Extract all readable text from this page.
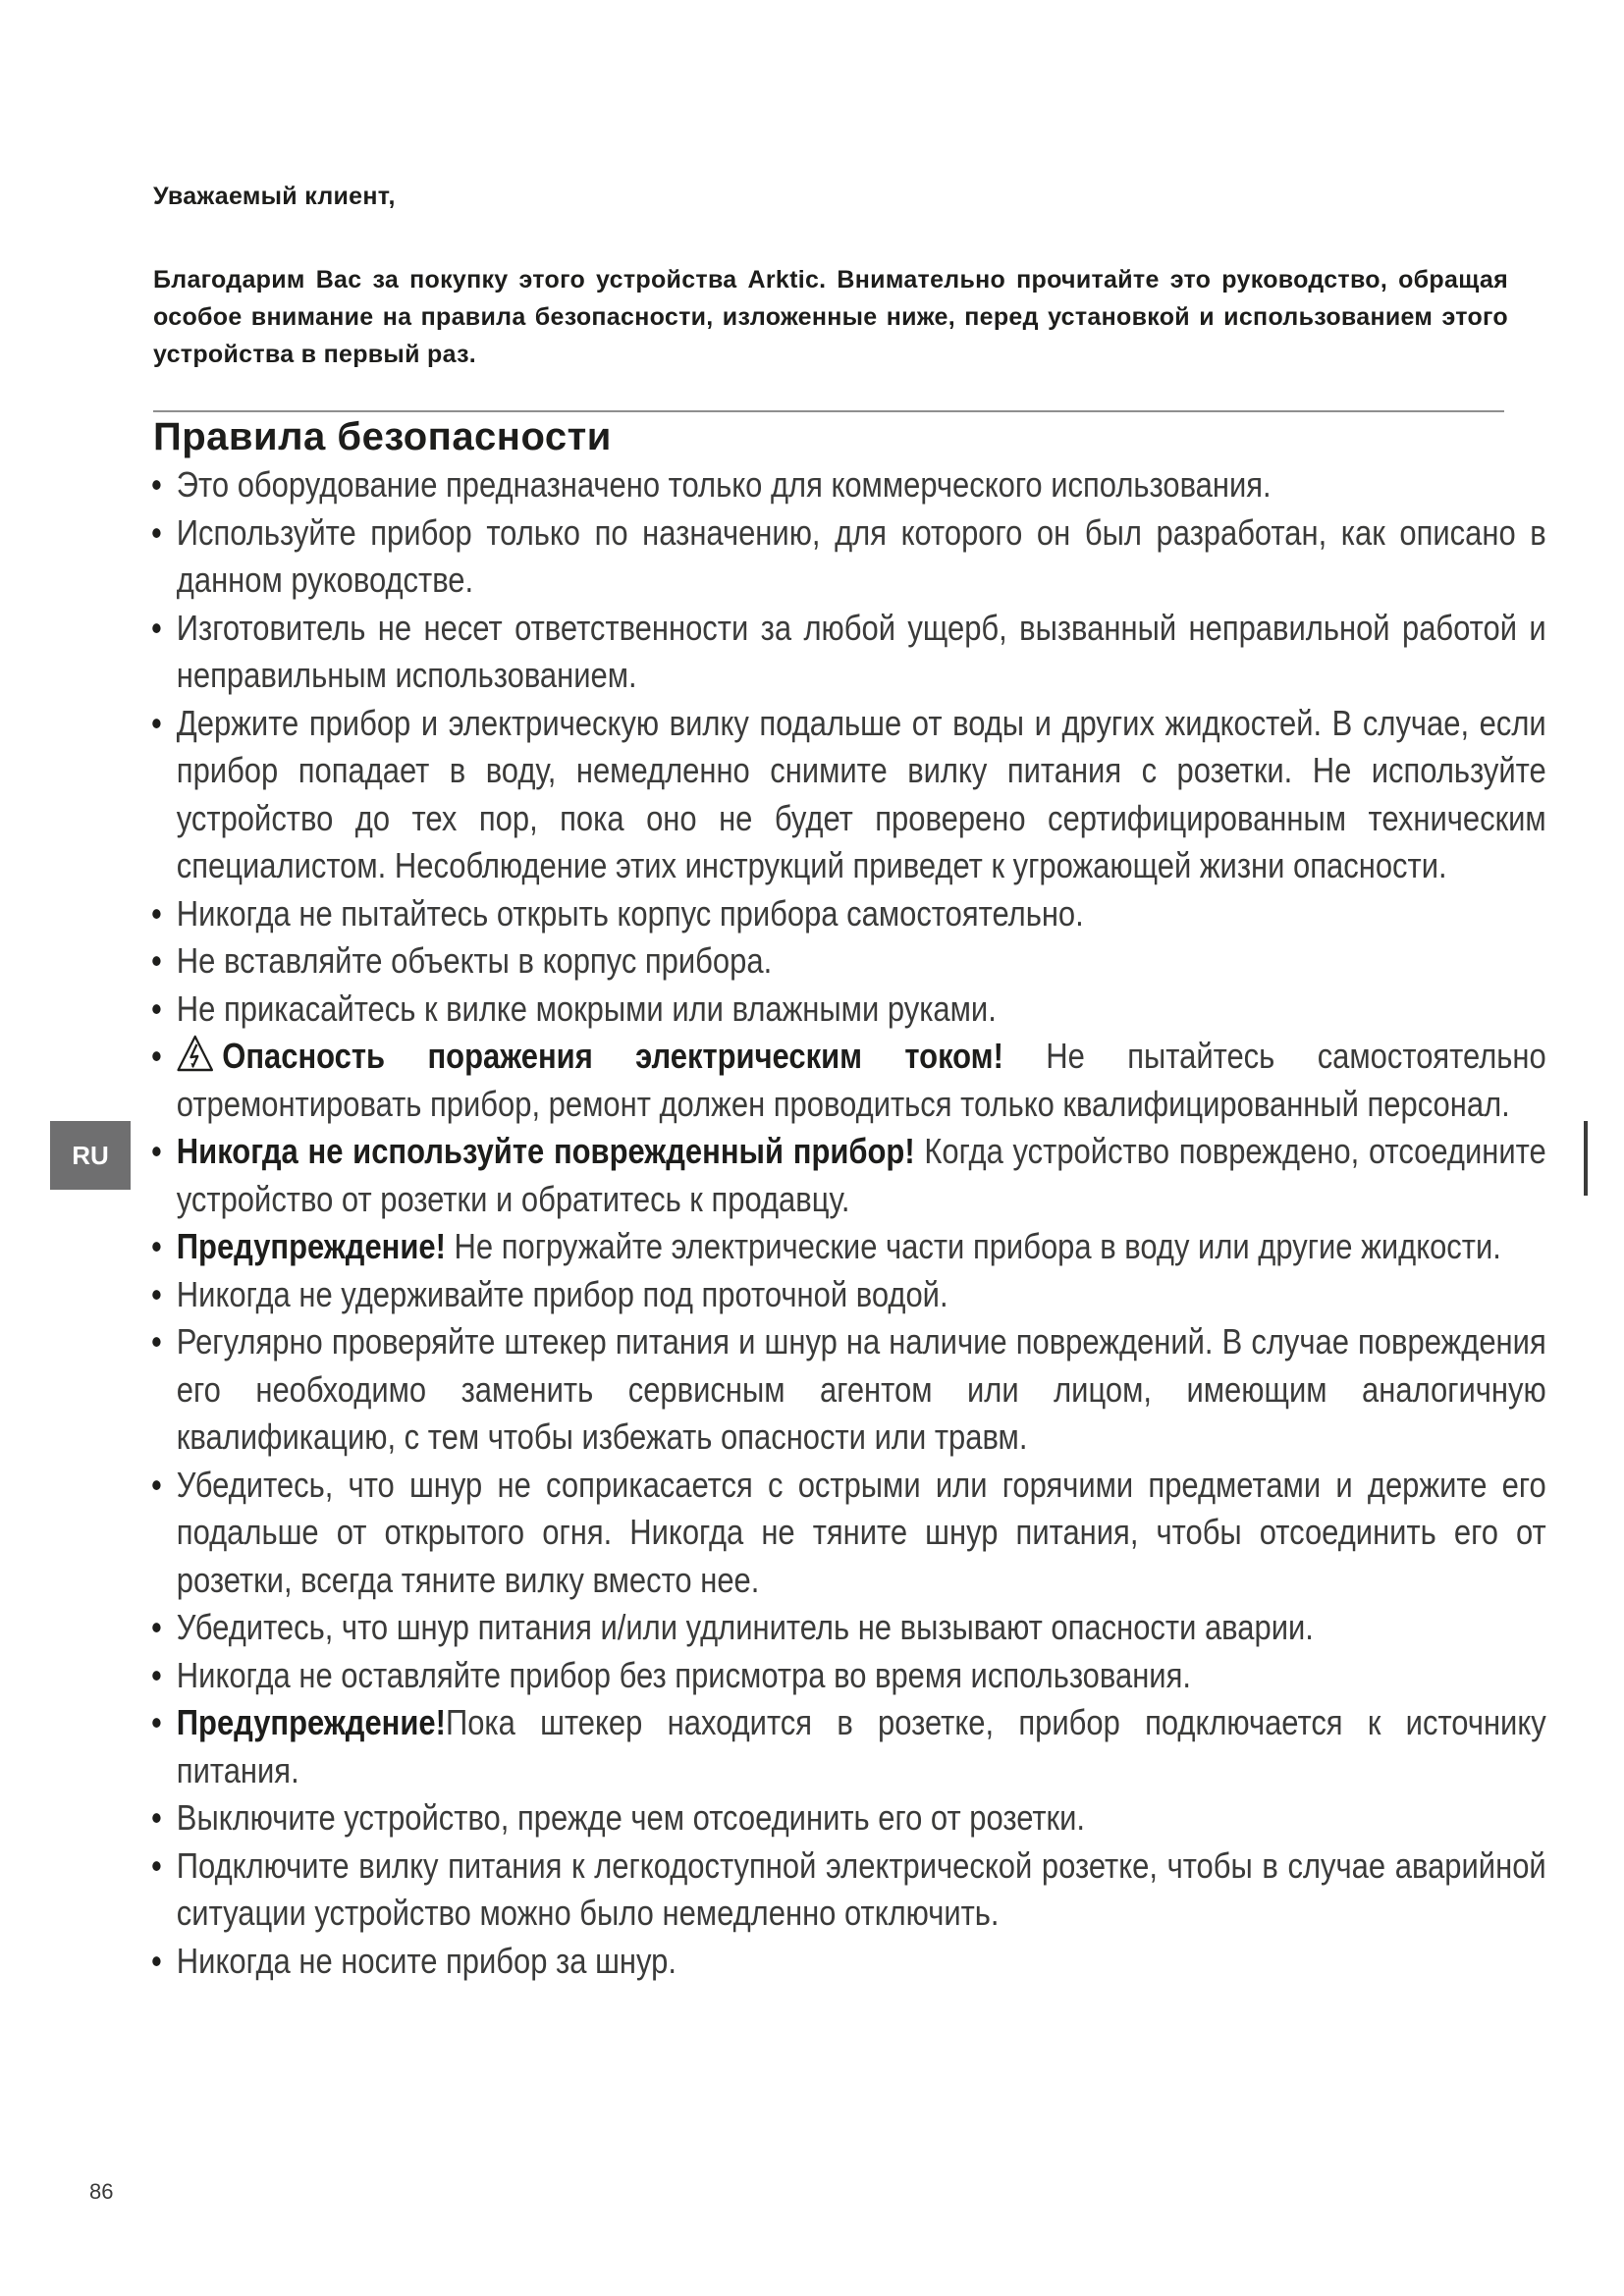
Уважаемый клиент,
Благодарим Вас за покупку этого устройства Arktic. Внимательно прочитайте это руководство, обращая особое внимание на правила безопасности, изложенные ниже, перед установкой и использованием этого устройства в первый раз.
Правила безопасности
• Это оборудование предназначено только для коммерческого использования.
• Используйте прибор только по назначению, для которого он был разработан, как описано в данном руководстве.
• Изготовитель не несет ответственности за любой ущерб, вызванный неправильной работой и неправильным использованием.
• Держите прибор и электрическую вилку подальше от воды и других жидкостей. В случае, если прибор попадает в воду, немедленно снимите вилку питания с розетки. Не используйте устройство до тех пор, пока оно не будет проверено сертифицированным техническим специалистом. Несоблюдение этих инструкций приведет к угрожающей жизни опасности.
• Никогда не пытайтесь открыть корпус прибора самостоятельно.
• Не вставляйте объекты в корпус прибора.
• Не прикасайтесь к вилке мокрыми или влажными руками.
• Опасность поражения электрическим током! Не пытайтесь самостоятельно отремонтировать прибор, ремонт должен проводиться только квалифицированный персонал.
• Никогда не используйте поврежденный прибор! Когда устройство повреждено, отсоедините устройство от розетки и обратитесь к продавцу.
• Предупреждение! Не погружайте электрические части прибора в воду или другие жидкости.
• Никогда не удерживайте прибор под проточной водой.
• Регулярно проверяйте штекер питания и шнур на наличие повреждений. В случае повреждения его необходимо заменить сервисным агентом или лицом, имеющим аналогичную квалификацию, с тем чтобы избежать опасности или травм.
• Убедитесь, что шнур не соприкасается с острыми или горячими предметами и держите его подальше от открытого огня. Никогда не тяните шнур питания, чтобы отсоединить его от розетки, всегда тяните вилку вместо нее.
• Убедитесь, что шнур питания и/или удлинитель не вызывают опасности аварии.
• Никогда не оставляйте прибор без присмотра во время использования.
• Предупреждение!Пока штекер находится в розетке, прибор подключается к источнику питания.
• Выключите устройство, прежде чем отсоединить его от розетки.
• Подключите вилку питания к легкодоступной электрической розетке, чтобы в случае аварийной ситуации устройство можно было немедленно отключить.
• Никогда не носите прибор за шнур.
RU
86
